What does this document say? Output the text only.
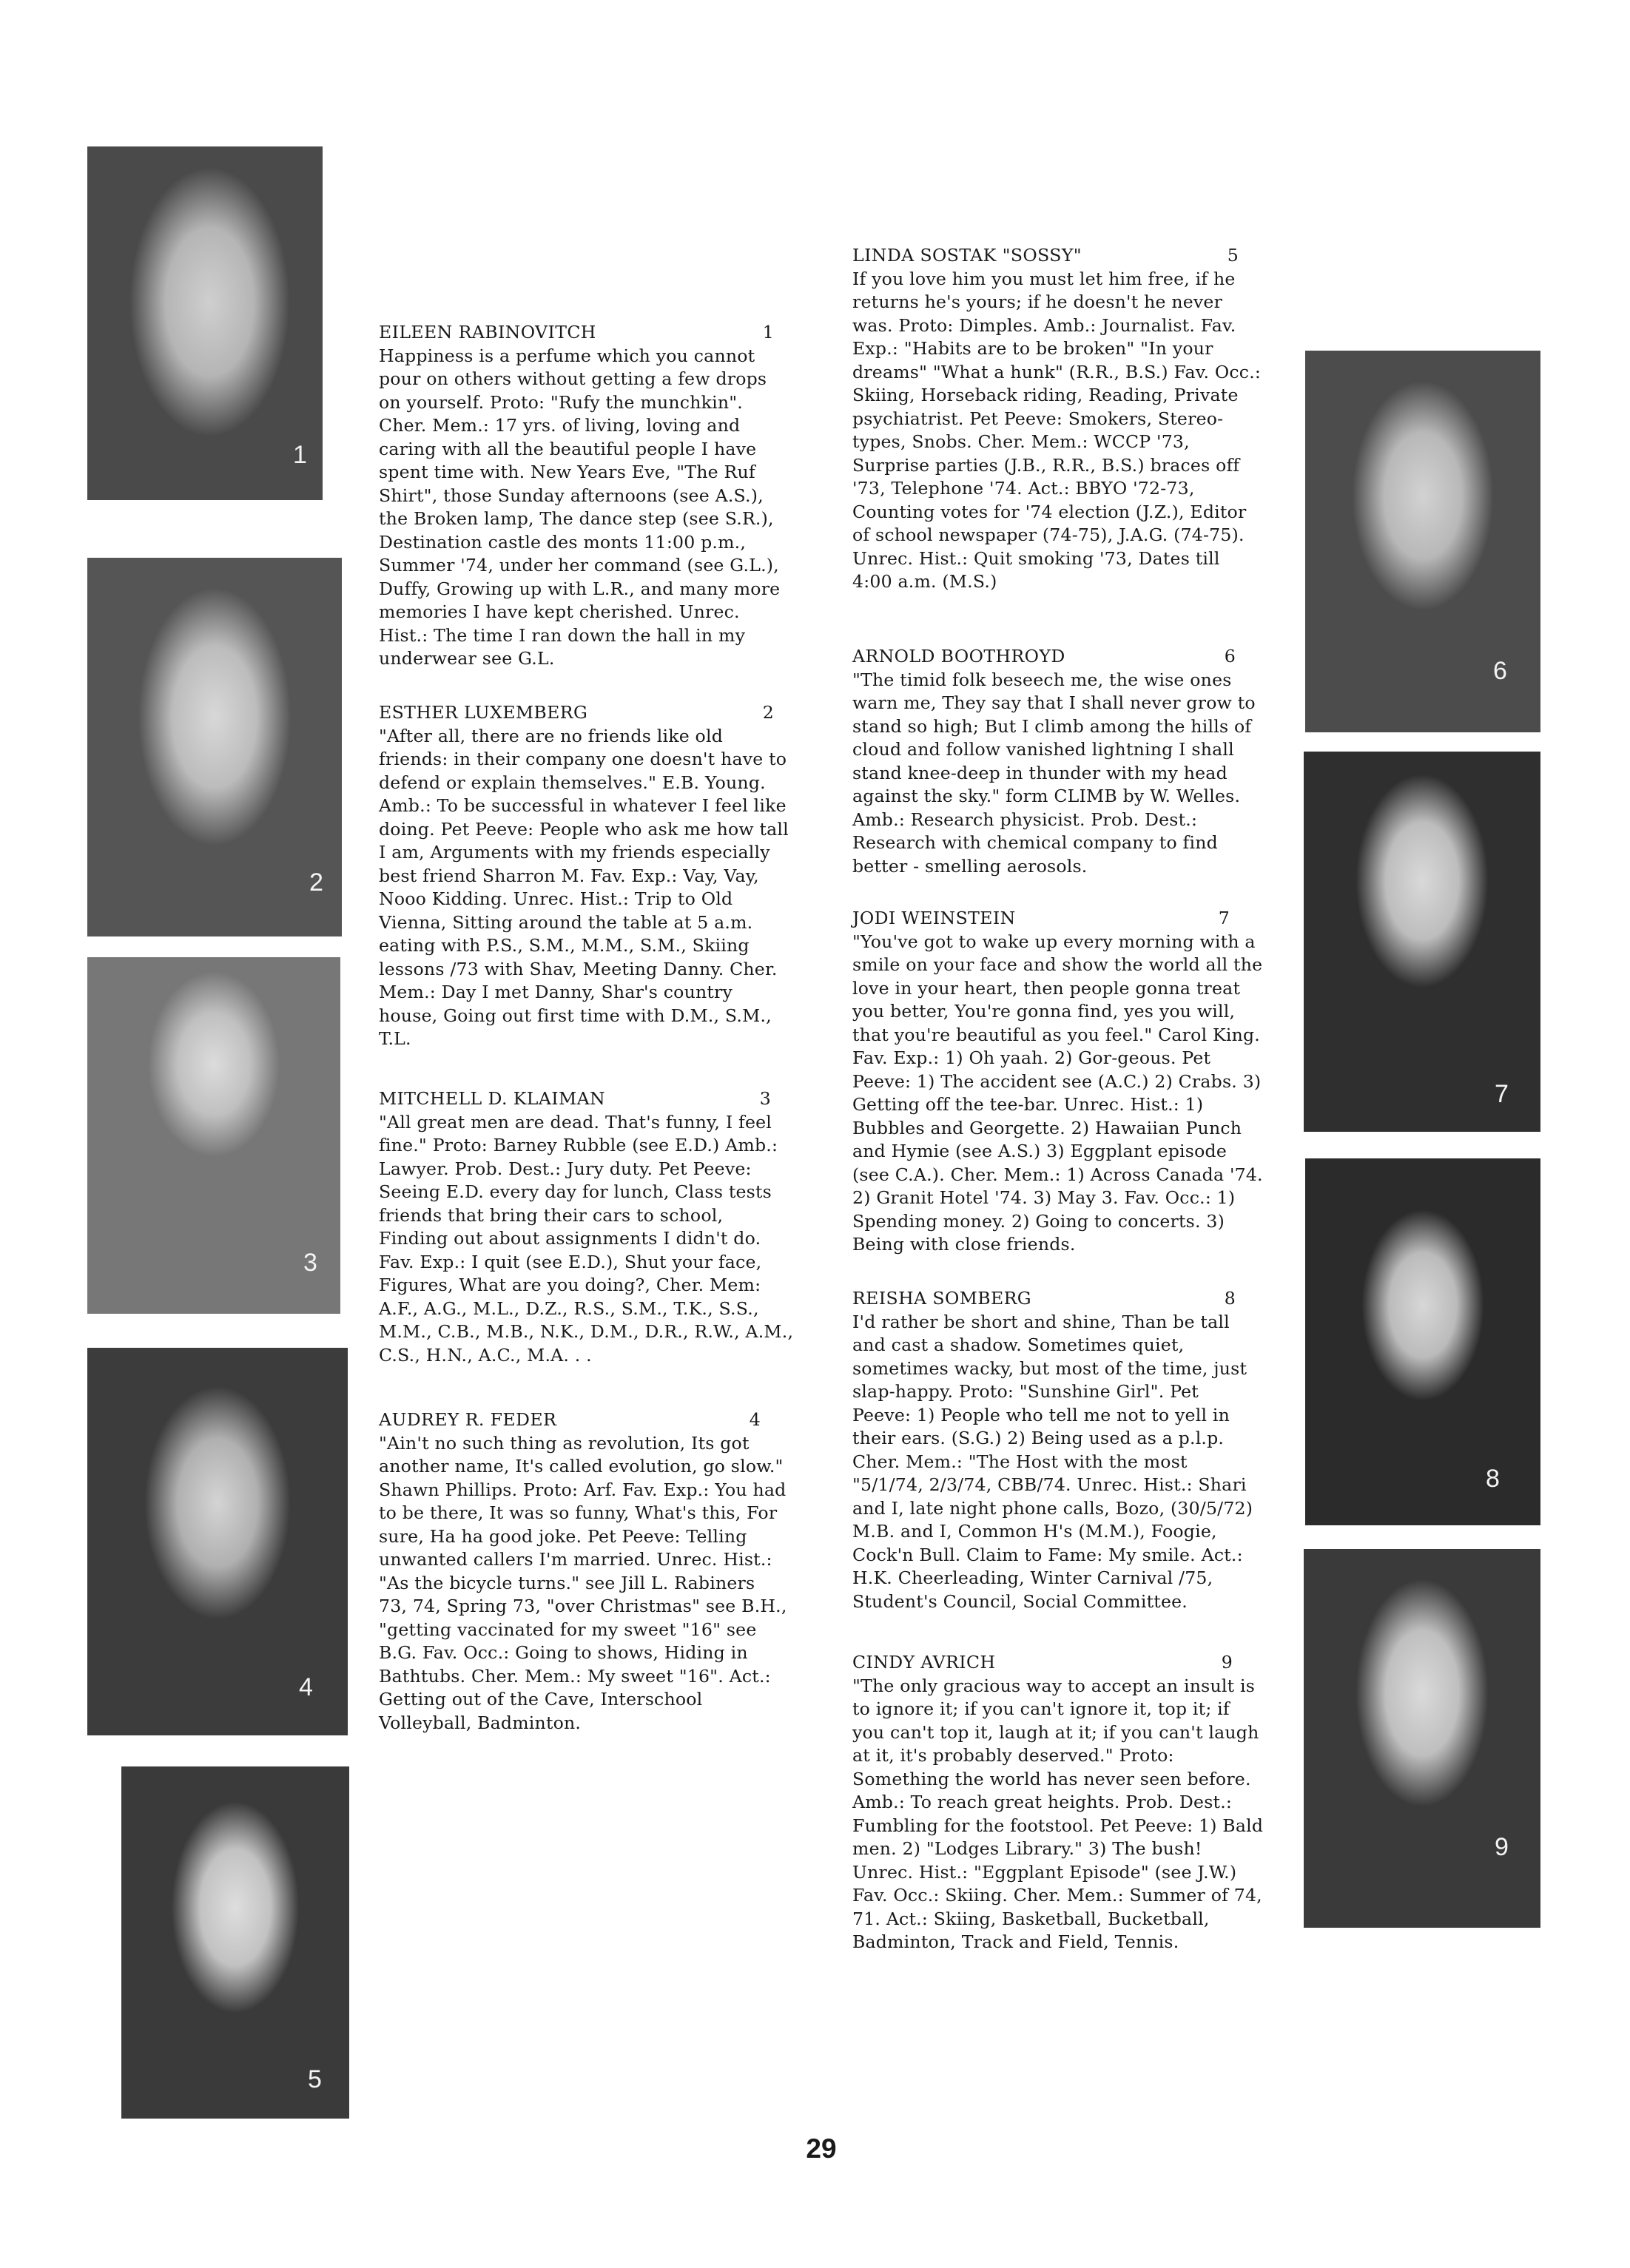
1
2
3
4
5
6
7
8
9
EILEEN RABINOVITCH	1
Happiness is a perfume which you cannot pour on others without getting a few drops on yourself. Proto: "Rufy the munchkin". Cher. Mem.: 17 yrs. of living, loving and caring with all the beautiful people I have spent time with. New Years Eve, "The Ruf Shirt", those Sunday afternoons (see A.S.), the Broken lamp, The dance step (see S.R.), Destination castle des monts 11:00 p.m., Summer '74, under her command (see G.L.), Duffy, Growing up with L.R., and many more memories I have kept cherished. Unrec. Hist.: The time I ran down the hall in my underwear see G.L.
ESTHER LUXEMBERG	2
"After all, there are no friends like old friends: in their company one doesn't have to defend or explain themselves." E.B. Young. Amb.: To be successful in whatever I feel like doing. Pet Peeve: People who ask me how tall I am, Arguments with my friends especially best friend Sharron M. Fav. Exp.: Vay, Vay, Nooo Kidding. Unrec. Hist.: Trip to Old Vienna, Sitting around the table at 5 a.m. eating with P.S., S.M., M.M., S.M., Skiing lessons /73 with Shav, Meeting Danny. Cher. Mem.: Day I met Danny, Shar's country house, Going out first time with D.M., S.M., T.L.
MITCHELL D. KLAIMAN	3
"All great men are dead. That's funny, I feel fine." Proto: Barney Rubble (see E.D.) Amb.: Lawyer. Prob. Dest.: Jury duty. Pet Peeve: Seeing E.D. every day for lunch, Class tests friends that bring their cars to school, Finding out about assignments I didn't do. Fav. Exp.: I quit (see E.D.), Shut your face, Figures, What are you doing?, Cher. Mem: A.F., A.G., M.L., D.Z., R.S., S.M., T.K., S.S., M.M., C.B., M.B., N.K., D.M., D.R., R.W., A.M., C.S., H.N., A.C., M.A. . .
AUDREY R. FEDER	4
"Ain't no such thing as revolution, Its got another name, It's called evolution, go slow." Shawn Phillips. Proto: Arf. Fav. Exp.: You had to be there, It was so funny, What's this, For sure, Ha ha good joke. Pet Peeve: Telling unwanted callers I'm married. Unrec. Hist.: "As the bicycle turns." see Jill L. Rabiners 73, 74, Spring 73, "over Christmas" see B.H., "getting vaccinated for my sweet "16" see B.G. Fav. Occ.: Going to shows, Hiding in Bathtubs. Cher. Mem.: My sweet "16". Act.: Getting out of the Cave, Interschool Volleyball, Badminton.
LINDA SOSTAK "SOSSY"	5
If you love him you must let him free, if he returns he's yours; if he doesn't he never was. Proto: Dimples. Amb.: Journalist. Fav. Exp.: "Habits are to be broken" "In your dreams" "What a hunk" (R.R., B.S.) Fav. Occ.: Skiing, Horseback riding, Reading, Private psychiatrist. Pet Peeve: Smokers, Stereo-types, Snobs. Cher. Mem.: WCCP '73, Surprise parties (J.B., R.R., B.S.) braces off '73, Telephone '74. Act.: BBYO '72-73, Counting votes for '74 election (J.Z.), Editor of school newspaper (74-75), J.A.G. (74-75). Unrec. Hist.: Quit smoking '73, Dates till 4:00 a.m. (M.S.)
ARNOLD BOOTHROYD	6
"The timid folk beseech me, the wise ones warn me, They say that I shall never grow to stand so high; But I climb among the hills of cloud and follow vanished lightning I shall stand knee-deep in thunder with my head against the sky." form CLIMB by W. Welles. Amb.: Research physicist. Prob. Dest.: Research with chemical company to find better - smelling aerosols.
JODI WEINSTEIN	7
"You've got to wake up every morning with a smile on your face and show the world all the love in your heart, then people gonna treat you better, You're gonna find, yes you will, that you're beautiful as you feel." Carol King. Fav. Exp.: 1) Oh yaah. 2) Gor-geous. Pet Peeve: 1) The accident see (A.C.) 2) Crabs. 3) Getting off the tee-bar. Unrec. Hist.: 1) Bubbles and Georgette. 2) Hawaiian Punch and Hymie (see A.S.) 3) Eggplant episode (see C.A.). Cher. Mem.: 1) Across Canada '74. 2) Granit Hotel '74. 3) May 3. Fav. Occ.: 1) Spending money. 2) Going to concerts. 3) Being with close friends.
REISHA SOMBERG	8
I'd rather be short and shine, Than be tall and cast a shadow. Sometimes quiet, sometimes wacky, but most of the time, just slap-happy. Proto: "Sunshine Girl". Pet Peeve: 1) People who tell me not to yell in their ears. (S.G.) 2) Being used as a p.l.p. Cher. Mem.: "The Host with the most "5/1/74, 2/3/74, CBB/74. Unrec. Hist.: Shari and I, late night phone calls, Bozo, (30/5/72) M.B. and I, Common H's (M.M.), Foogie, Cock'n Bull. Claim to Fame: My smile. Act.: H.K. Cheerleading, Winter Carnival /75, Student's Council, Social Committee.
CINDY AVRICH	9
"The only gracious way to accept an insult is to ignore it; if you can't ignore it, top it; if you can't top it, laugh at it; if you can't laugh at it, it's probably deserved." Proto: Something the world has never seen before. Amb.: To reach great heights. Prob. Dest.: Fumbling for the footstool. Pet Peeve: 1) Bald men. 2) "Lodges Library." 3) The bush! Unrec. Hist.: "Eggplant Episode" (see J.W.) Fav. Occ.: Skiing. Cher. Mem.: Summer of 74, 71. Act.: Skiing, Basketball, Bucketball, Badminton, Track and Field, Tennis.
29
